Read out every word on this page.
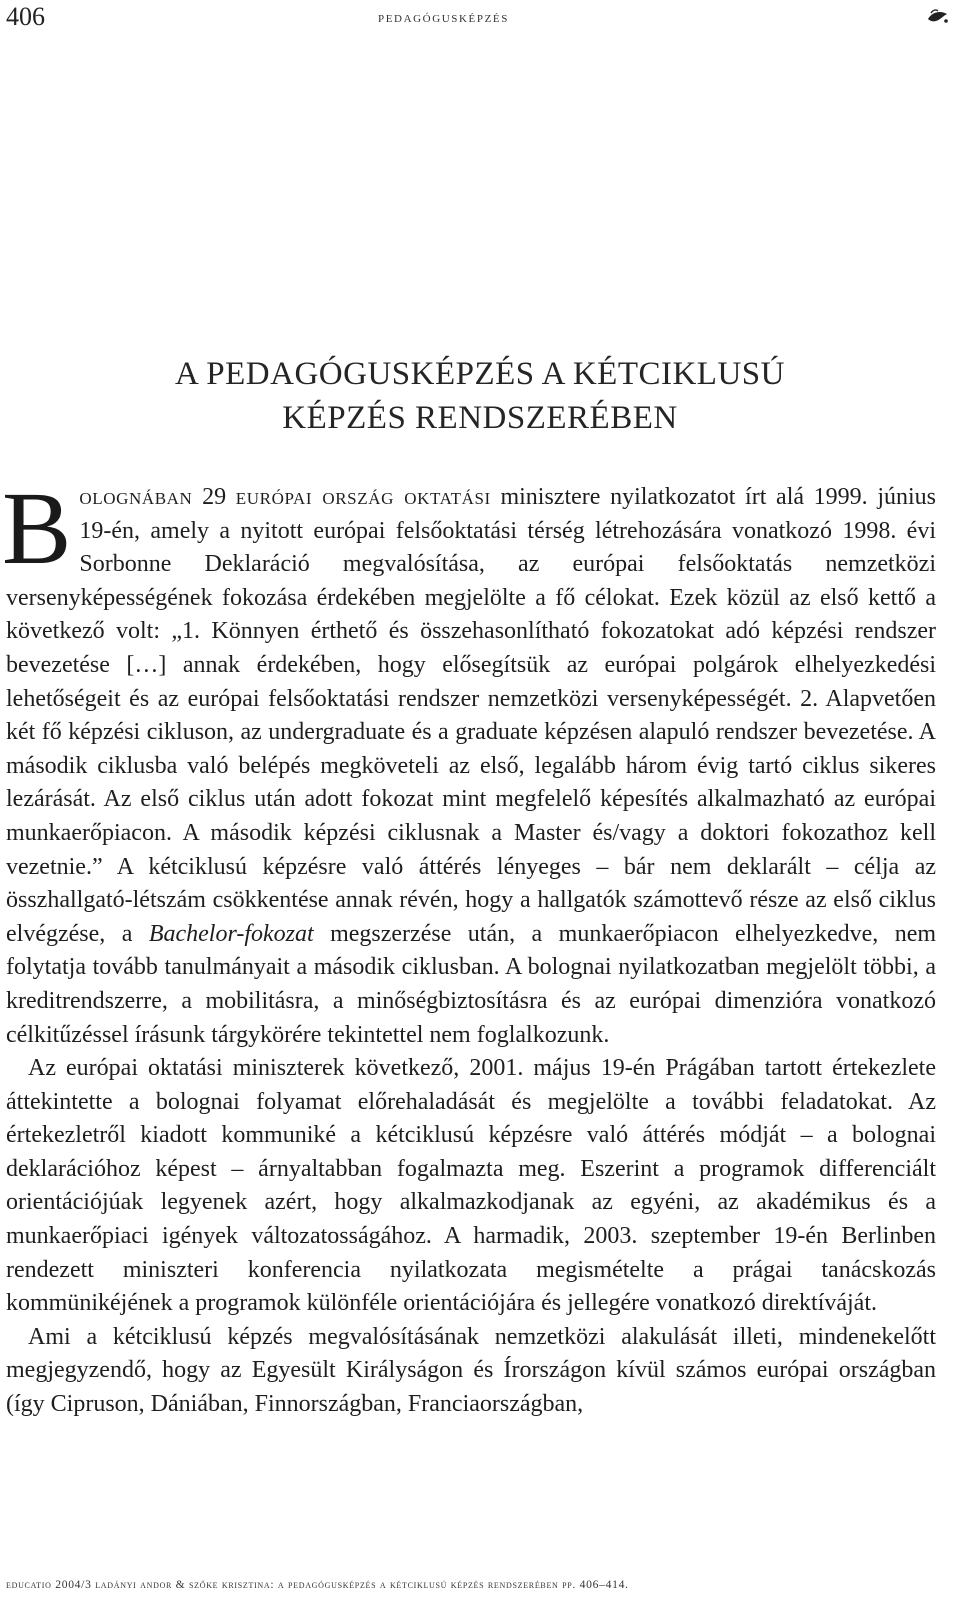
406	pedagógusképzés
A PEDAGÓGUSKÉPZÉS A KÉTCIKLUSÚ
KÉPZÉS RENDSZERÉBEN

B olognában 29 európai ország oktatási minisztere nyilatkozatot írt alá 1999. június 19-én, amely a nyitott európai felsőoktatási térség létrehozására vonatkozó 1998. évi Sorbonne Deklaráció megvalósítása, az európai felsőoktatás nemzetközi versenyképességének fokozása érdekében megjelölte a fő célokat. Ezek közül az első kettő a következő volt: „1. Könnyen érthető és összehasonlítható fokozatokat adó képzési rendszer bevezetése […] annak érdekében, hogy elősegítsük az európai polgárok elhelyezkedési lehetőségeit és az európai felsőoktatási rendszer nemzetközi versenyképességét. 2. Alapvetően két fő képzési cikluson, az undergraduate és a graduate képzésen alapuló rendszer bevezetése. A második ciklusba való belépés megköveteli az első, legalább három évig tartó ciklus sikeres lezárását. Az első ciklus után adott fokozat mint megfelelő képesítés alkalmazható az európai munkaerőpiacon. A második képzési ciklusnak a Master és/vagy a doktori fokozathoz kell vezetnie.” A kétciklusú képzésre való áttérés lényeges – bár nem deklarált – célja az összhallgató-létszám csökkentése annak révén, hogy a hallgatók számottevő része az első ciklus elvégzése, a Bachelor-fokozat megszerzése után, a munkaerőpiacon elhelyezkedve, nem folytatja tovább tanulmányait a második ciklusban. A bolognai nyilatkozatban megjelölt többi, a kreditrendszerre, a mobilitásra, a minőségbiztosításra és az európai dimenzióra vonatkozó célkitűzéssel írásunk tárgykörére tekintettel nem foglalkozunk.

Az európai oktatási miniszterek következő, 2001. május 19-én Prágában tartott értekezlete áttekintette a bolognai folyamat előrehaladását és megjelölte a további feladatokat. Az értekezletről kiadott kommuniké a kétciklusú képzésre való áttérés módját – a bolognai deklarációhoz képest – árnyaltabban fogalmazta meg. Eszerint a programok differenciált orientációjúak legyenek azért, hogy alkalmazkodjanak az egyéni, az akadémikus és a munkaerőpiaci igények változatosságához. A harmadik, 2003. szeptember 19-én Berlinben rendezett miniszteri konferencia nyilatkozata megismételte a prágai tanácskozás kommünikéjének a programok különféle orientációjára és jellegére vonatkozó direktíváját.

Ami a kétciklusú képzés megvalósításának nemzetközi alakulását illeti, mindenekelőtt megjegyzendő, hogy az Egyesült Királyságon és Írországon kívül számos európai országban (így Cipruson, Dániában, Finnországban, Franciaországban,

educatio 2004/3 ladányi andor & szőke krisztina: a pedagógusképzés a kétciklusú képzés rendszerében pp. 406–414.
